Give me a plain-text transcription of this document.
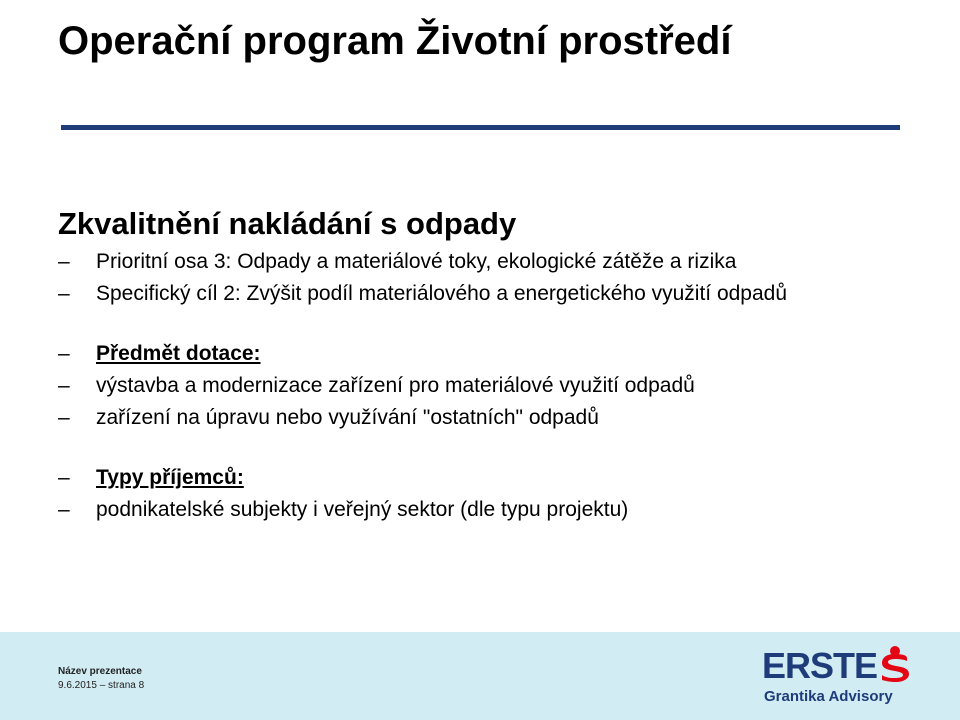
Operační program Životní prostředí
Zkvalitnění nakládání s odpady
– Prioritní osa 3: Odpady a materiálové toky, ekologické zátěže a rizika
– Specifický cíl 2: Zvýšit podíl materiálového a energetického využití odpadů
– Předmět dotace:
– výstavba a modernizace zařízení pro materiálové využití odpadů
– zařízení na úpravu nebo využívání "ostatních" odpadů
– Typy příjemců:
– podnikatelské subjekty i veřejný sektor (dle typu projektu)
Název prezentace
9.6.2015 – strana 8	ERSTE
Grantika Advisory
